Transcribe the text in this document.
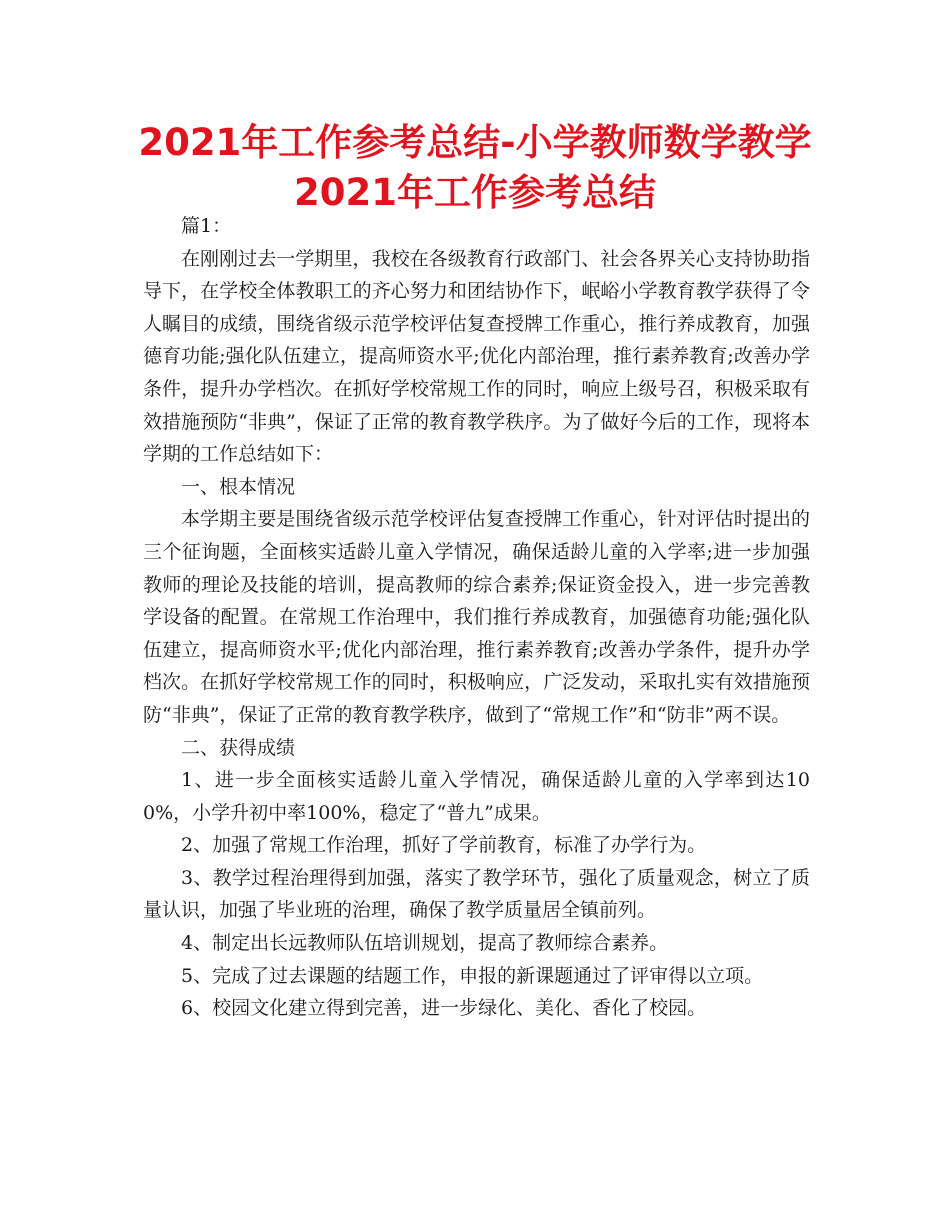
2021年工作参考总结-小学教师数学教学2021年工作参考总结

篇1：

在刚刚过去一学期里，我校在各级教育行政部门、社会各界关心支持协助指导下，在学校全体教职工的齐心努力和团结协作下，岷峪小学教育教学获得了令人瞩目的成绩，围绕省级示范学校评估复查授牌工作重心，推行养成教育，加强德育功能;强化队伍建立，提高师资水平;优化内部治理，推行素养教育;改善办学条件，提升办学档次。在抓好学校常规工作的同时，响应上级号召，积极采取有效措施预防“非典”，保证了正常的教育教学秩序。为了做好今后的工作，现将本学期的工作总结如下：

一、根本情况

本学期主要是围绕省级示范学校评估复查授牌工作重心，针对评估时提出的三个征询题，全面核实适龄儿童入学情况，确保适龄儿童的入学率;进一步加强教师的理论及技能的培训，提高教师的综合素养;保证资金投入，进一步完善教学设备的配置。在常规工作治理中，我们推行养成教育，加强德育功能;强化队伍建立，提高师资水平;优化内部治理，推行素养教育;改善办学条件，提升办学档次。在抓好学校常规工作的同时，积极响应，广泛发动，采取扎实有效措施预防“非典”，保证了正常的教育教学秩序，做到了“常规工作”和“防非”两不误。

二、获得成绩

1、进一步全面核实适龄儿童入学情况，确保适龄儿童的入学率到达100%，小学升初中率100%，稳定了“普九”成果。

2、加强了常规工作治理，抓好了学前教育，标准了办学行为。

3、教学过程治理得到加强，落实了教学环节，强化了质量观念，树立了质量认识，加强了毕业班的治理，确保了教学质量居全镇前列。

4、制定出长远教师队伍培训规划，提高了教师综合素养。

5、完成了过去课题的结题工作，申报的新课题通过了评审得以立项。

6、校园文化建立得到完善，进一步绿化、美化、香化了校园。
